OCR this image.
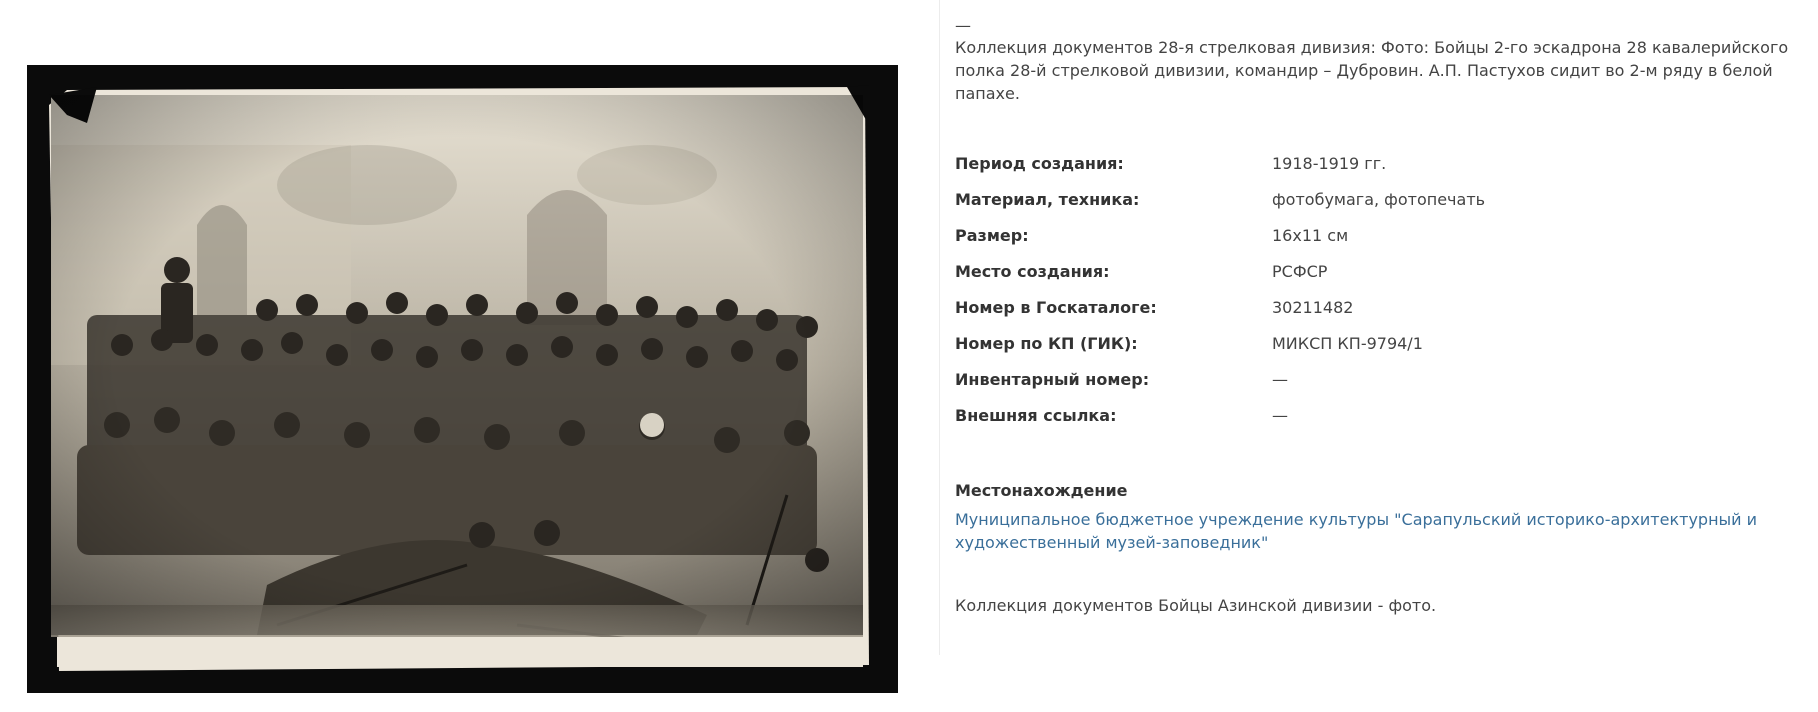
—

Коллекция документов 28-я стрелковая дивизия: Фото: Бойцы 2-го эскадрона 28 кавалерийского полка 28-й стрелковой дивизии, командир – Дубровин. А.П. Пастухов сидит во 2-м ряду в белой папахе.

Период создания:	1918-1919 гг.
Материал, техника:	фотобумага, фотопечать
Размер:	16х11 см
Место создания:	РСФСР
Номер в Госкаталоге:	30211482
Номер по КП (ГИК):	МИКСП КП-9794/1
Инвентарный номер:	—
Внешняя ссылка:	—
Местонахождение
Муниципальное бюджетное учреждение культуры "Сарапульский историко-архитектурный и художественный музей-заповедник"
Коллекция документов Бойцы Азинской дивизии - фото.
